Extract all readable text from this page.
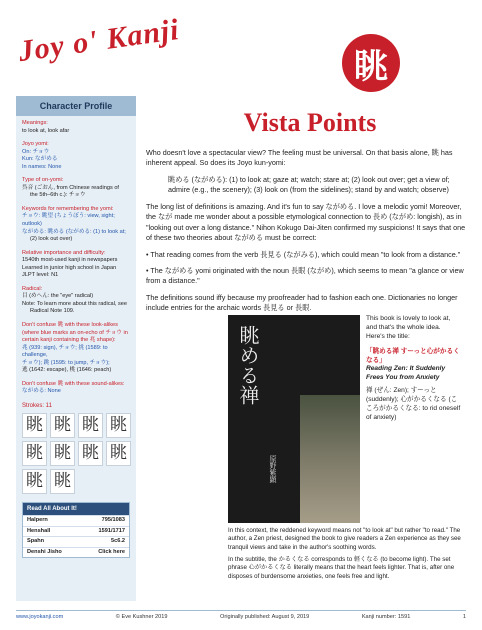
Joy o' Kanji	眺
Character Profile
Meanings:
to look at, look afar
Joyo yomi:
On: チョウ
Kun: ながめる
In names: None
Type of on-yomi:
呉音 (ごおん, from Chinese readings of
the 5th–6th c.): チョウ
Keywords for remembering the yomi:
チョウ: 眺望 (ちょうぼう: view, sight; outlook)
ながめる: 眺める (ながめる: (1) to look at;
(2) look out over)
Relative importance and difficulty:
1540th most-used kanji in newspapers
Learned in junior high school in Japan
JLPT level: N1
Radical:
目 (めへん: the "eye" radical)
Note: To learn more about this radical, see
Radical Note 109.
Don't confuse 眺 with these look-alikes (where blue marks an on-echo of チョウ in certain kanji containing the 兆 shape):
兆 (939: sign), チョウ; 挑 (1589: to challenge,
チョウ); 跳 (1595: to jump, チョウ);
逃 (1642: escape), 桃 (1646: peach)
Don't confuse 眺 with these sound-alikes:
ながめる: None
Strokes: 11
眺 眺 眺 眺
眺 眺 眺 眺
眺 眺
Read All About It!
Halpern	795/1083
Henshall	1591/1717
Spahn	5c6.2
Denshi Jisho	Click here
Vista Points

Who doesn't love a spectacular view? The feeling must be universal. On that basis alone, 眺 has inherent appeal. So does its Joyo kun-yomi:

眺める (ながめる): (1) to look at; gaze at; watch; stare at; (2) look out over; get a view of; admire (e.g., the scenery); (3) look on (from the sidelines); stand by and watch; observe)

The long list of definitions is amazing. And it's fun to say ながめる. I love a melodic yomi! Moreover, the なが made me wonder about a possible etymological connection to 長め (ながめ: longish), as in "looking out over a long distance." Nihon Kokugo Dai-Jiten confirmed my suspicions! It says that one of these two theories about ながめる must be correct:

• That reading comes from the verb 長見る (ながみる), which could mean "to look from a distance."

• The ながめる yomi originated with the noun 長眼 (ながめ), which seems to mean "a glance or view from a distance."

The definitions sound iffy because my proofreader had to fashion each one. Dictionaries no longer include entries for the archaic words 長見る or 長眼.

眺める禅
原野紫顕

This book is lovely to look at, and that's the whole idea. Here's the title:

「眺める禅 すーっと心がかるくなる」

Reading Zen: It Suddenly Frees You from Anxiety

禅 (ぜん: Zen); すーっと (suddenly); 心がかるくなる (こころがかるくなる: to rid oneself of anxiety)

In this context, the reddened keyword means not "to look at" but rather "to read." The author, a Zen priest, designed the book to give readers a Zen experience as they see tranquil views and take in the author's soothing words.

In the subtitle, the かるくなる corresponds to 軽くなる (to become light). The set phrase 心がかるくなる literally means that the heart feels lighter. That is, after one disposes of burdensome anxieties, one feels free and light.

www.joyokanji.com	© Eve Kushner 2019	Originally published: August 9, 2019	Kanji number: 1591	1
